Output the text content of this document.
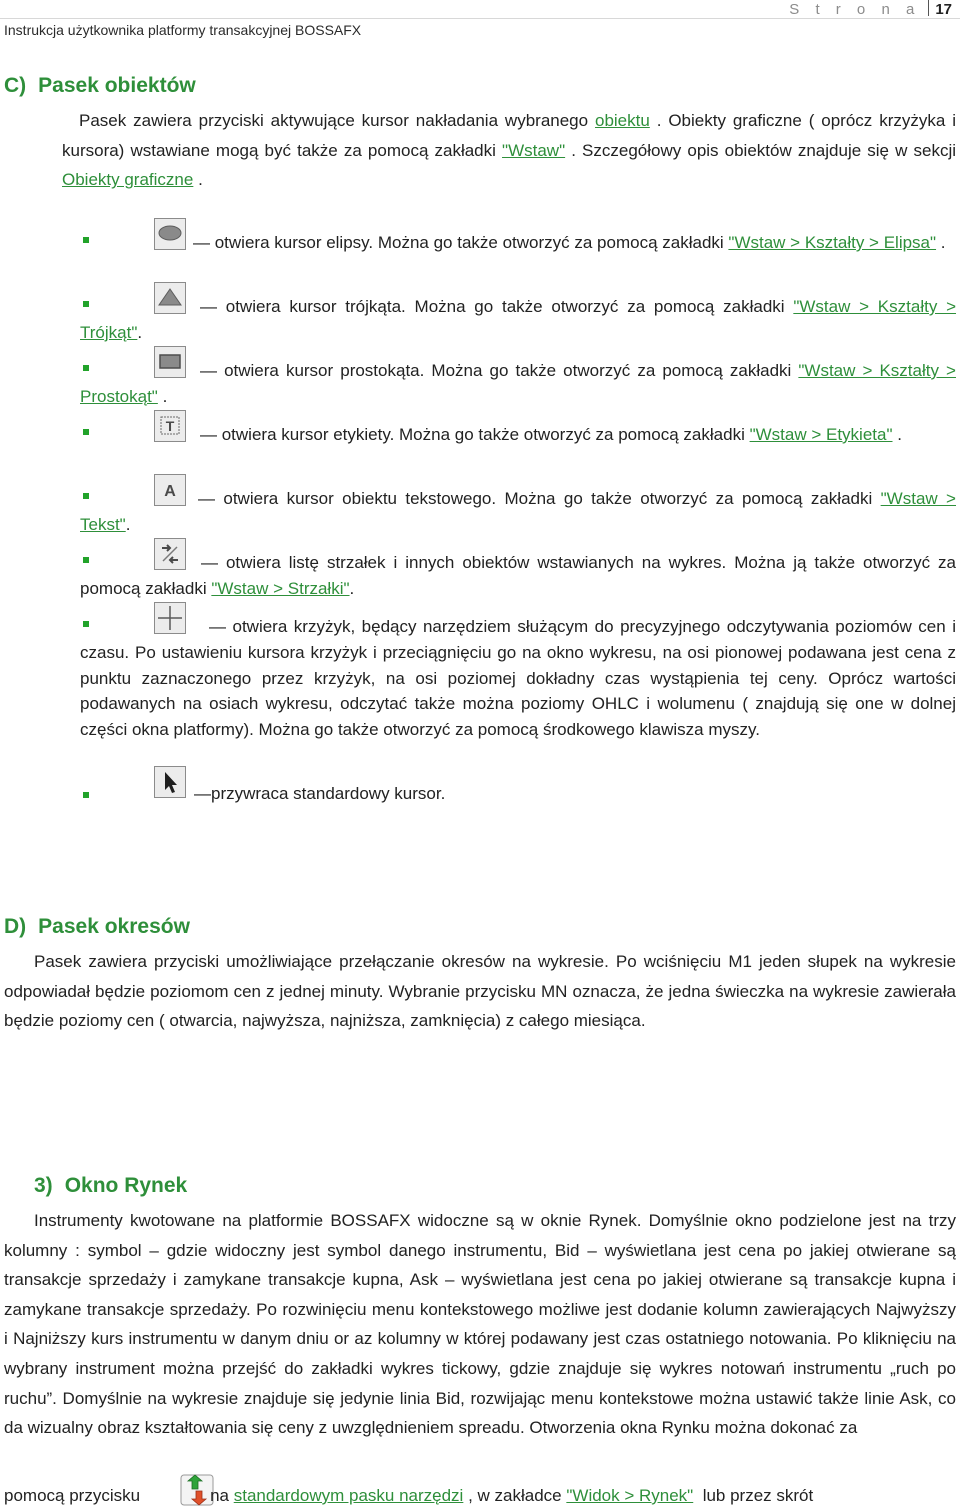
Instrukcja użytkownika platformy transakcyjnej BOSSAFX
S t r o n a 17
C) Pasek obiektów
Pasek zawiera przyciski aktywujące kursor nakładania wybranego obiektu . Obiekty graficzne ( oprócz krzyżyka i kursora) wstawiane mogą być także za pomocą zakładki "Wstaw" . Szczegółowy opis obiektów znajduje się w sekcji Obiekty graficzne .
— otwiera kursor elipsy. Można go także otworzyć za pomocą zakładki "Wstaw > Kształty > Elipsa" .
— otwiera kursor trójkąta. Można go także otworzyć za pomocą zakładki "Wstaw > Kształty > Trójkąt".
— otwiera kursor prostokąta. Można go także otworzyć za pomocą zakładki "Wstaw > Kształty > Prostokąt" .
T	— otwiera kursor etykiety. Można go także otworzyć za pomocą zakładki "Wstaw > Etykieta" .
A	— otwiera kursor obiektu tekstowego. Można go także otworzyć za pomocą zakładki "Wstaw > Tekst".
— otwiera listę strzałek i innych obiektów wstawianych na wykres. Można ją także otworzyć za pomocą zakładki "Wstaw > Strzałki".
— otwiera krzyżyk, będący narzędziem służącym do precyzyjnego odczytywania poziomów cen i czasu. Po ustawieniu kursora krzyżyk i przeciągnięciu go na okno wykresu, na osi pionowej podawana jest cena z punktu zaznaczonego przez krzyżyk, na osi poziomej dokładny czas wystąpienia tej ceny. Oprócz wartości podawanych na osiach wykresu, odczytać także można poziomy OHLC i wolumenu ( znajdują się one w dolnej części okna platformy). Można go także otworzyć za pomocą środkowego klawisza myszy.
—przywraca standardowy kursor.
D) Pasek okresów
Pasek zawiera przyciski umożliwiające przełączanie okresów na wykresie. Po wciśnięciu M1 jeden słupek na wykresie odpowiadał będzie poziomom cen z jednej minuty. Wybranie przycisku MN oznacza, że jedna świeczka na wykresie zawierała będzie poziomy cen ( otwarcia, najwyższa, najniższa, zamknięcia) z całego miesiąca.
3) Okno Rynek
Instrumenty kwotowane na platformie BOSSAFX widoczne są w oknie Rynek. Domyślnie okno podzielone jest na trzy kolumny : symbol – gdzie widoczny jest symbol danego instrumentu, Bid – wyświetlana jest cena po jakiej otwierane są transakcje sprzedaży i zamykane transakcje kupna, Ask – wyświetlana jest cena po jakiej otwierane są transakcje kupna i zamykane transakcje sprzedaży. Po rozwinięciu menu kontekstowego możliwe jest dodanie kolumn zawierających Najwyższy i Najniższy kurs instrumentu w danym dniu or az kolumny w której podawany jest czas ostatniego notowania. Po kliknięciu na wybrany instrument można przejść do zakładki wykres tickowy, gdzie znajduje się wykres notowań instrumentu „ruch po ruchu”. Domyślnie na wykresie znajduje się jedynie linia Bid, rozwijając menu kontekstowe można ustawić także linie Ask, co da wizualny obraz kształtowania się ceny z uwzględnieniem spreadu. Otworzenia okna Rynku można dokonać za
pomocą przycisku	na standardowym pasku narzędzi , w zakładce "Widok > Rynek" lub przez skrót
